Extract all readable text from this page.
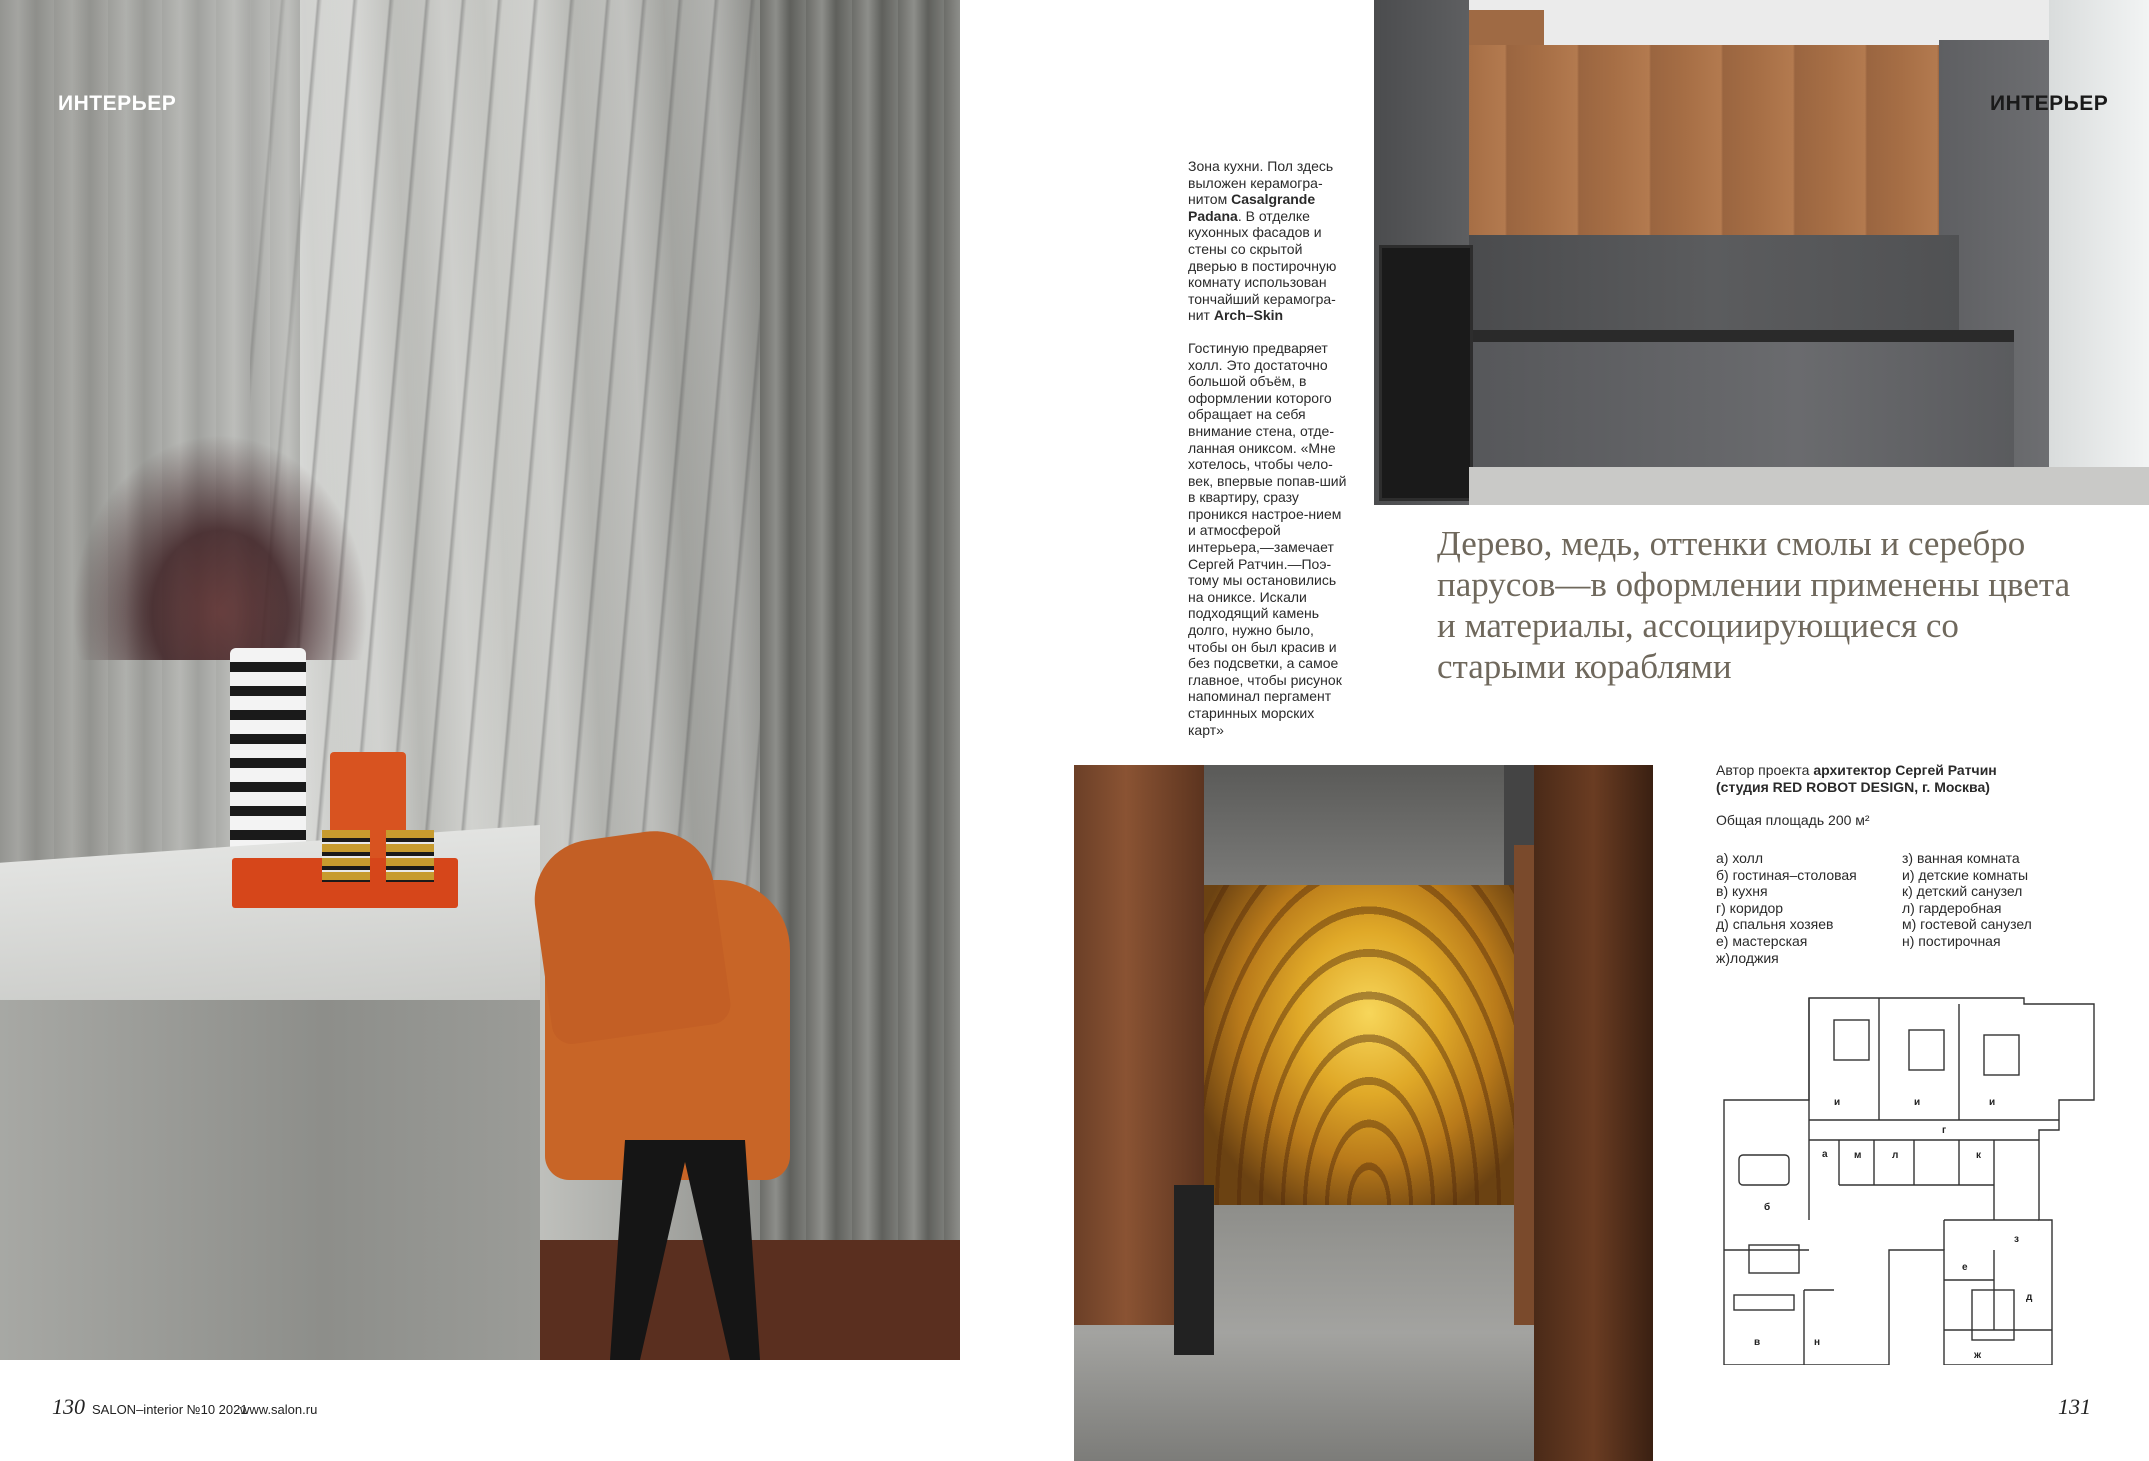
ИНТЕРЬЕР
130 SALON–interior №10 2021
www.salon.ru

Зона кухни. Пол здесь выложен керамогра-нитом Casalgrande Padana. В отделке кухонных фасадов и стены со скрытой дверью в постирочную комнату использован тончайший керамогра-нит Arch–Skin

Гостиную предваряет холл. Это достаточно большой объём, в оформлении которого обращает на себя внимание стена, отде-ланная ониксом. «Мне хотелось, чтобы чело-век, впервые попав-ший в квартиру, сразу проникся настрое-нием и атмосферой интерьера,—замечает Сергей Ратчин.—Поэ-тому мы остановились на ониксе. Искали подходящий камень долго, нужно было, чтобы он был красив и без подсветки, а самое главное, чтобы рисунок напоминал пергамент старинных морских карт»

ИНТЕРЬЕР
Дерево, медь, оттенки смолы и серебро парусов—в оформлении применены цвета и материалы, ассоциирующиеся со старыми кораблями

Автор проекта архитектор Сергей Ратчин

(студия RED ROBOT DESIGN, г. Москва)

Общая площадь 200 м²
а) холл
б) гостиная–столовая
в) кухня
г) коридор
д) спальня хозяев
е) мастерская
ж)лоджия
з) ванная комната
и) детские комнаты
к) детский санузел
л) гардеробная
м) гостевой санузел
н) постирочная
и	и	и
г
а
б
м	л	к
з
е
д
в	н
ж
131
